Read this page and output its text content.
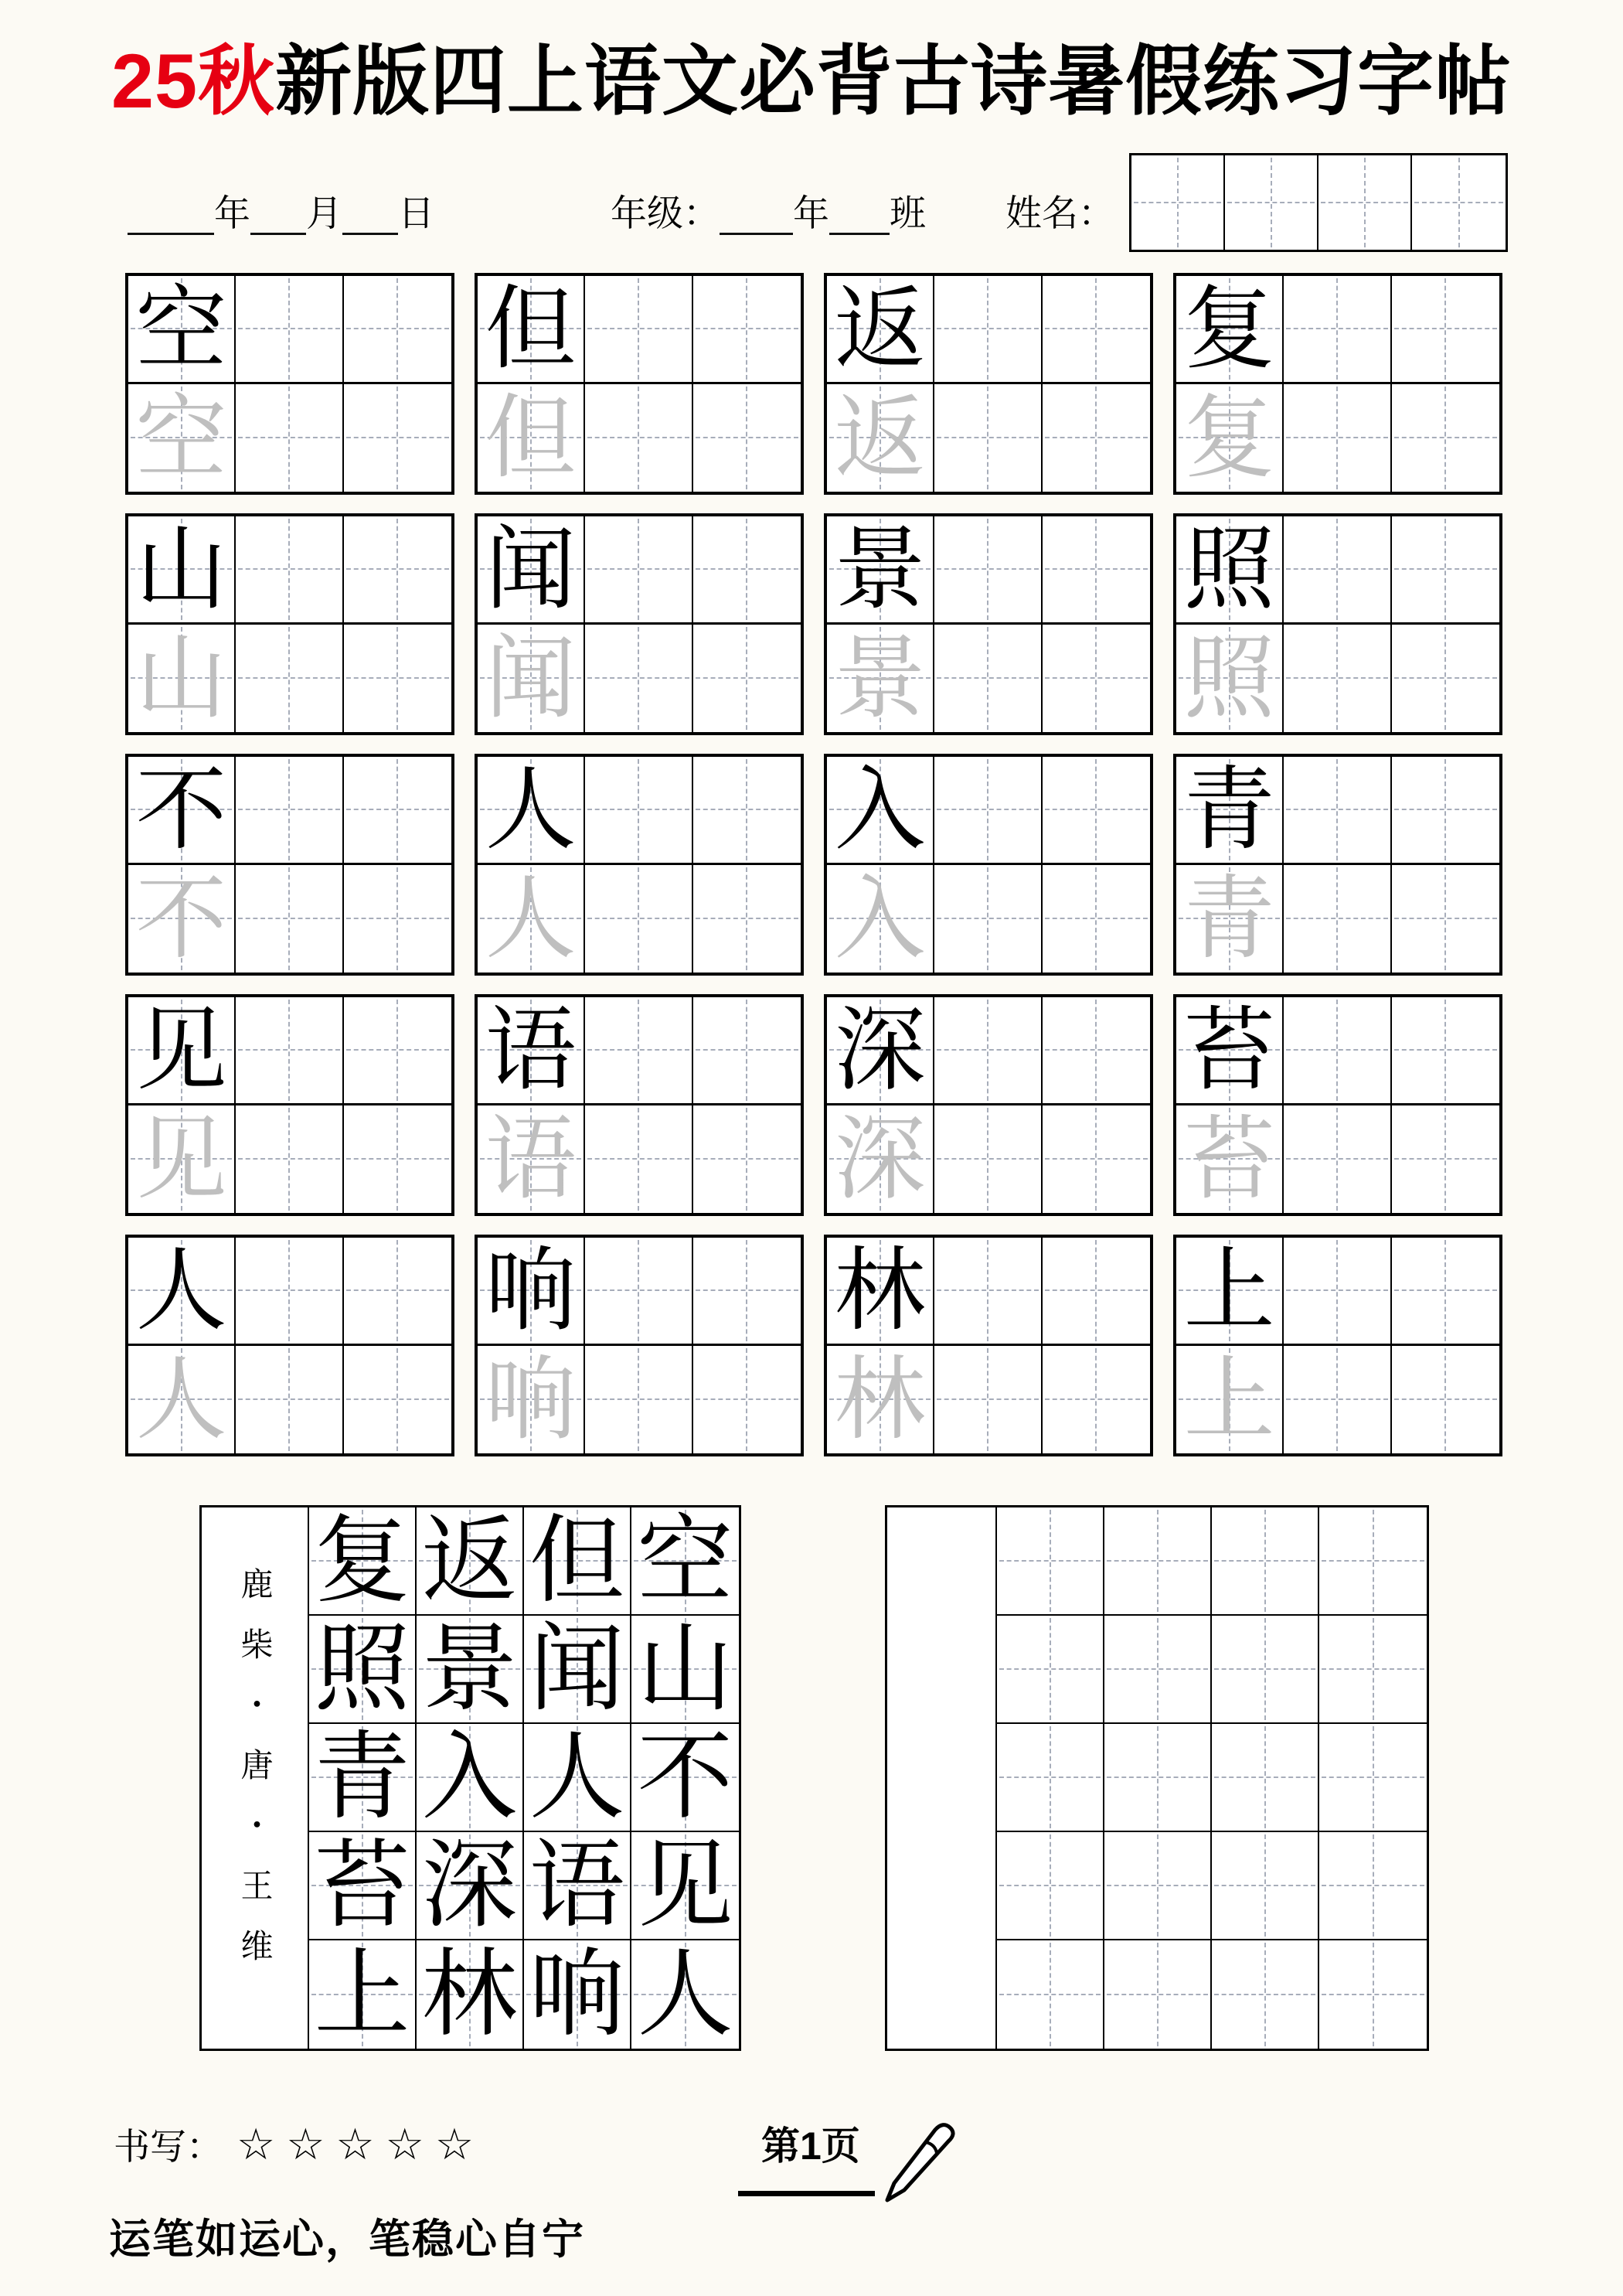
25秋新版四上语文必背古诗暑假练习字帖
年 月 日	年级： 年 班 姓名：
空
空
但
但
返
返
复
复
山
山
闻
闻
景
景
照
照
不
不
人
人
入
入
青
青
见
见
语
语
深
深
苔
苔
人
人
响
响
林
林
上
上
鹿柴・唐・王维
复 返 但 空
照 景 闻 山
青 入 人 不
苔 深 语 见
上 林 响 人
书写： ☆☆☆☆☆	第1页
运笔如运心，笔稳心自宁
